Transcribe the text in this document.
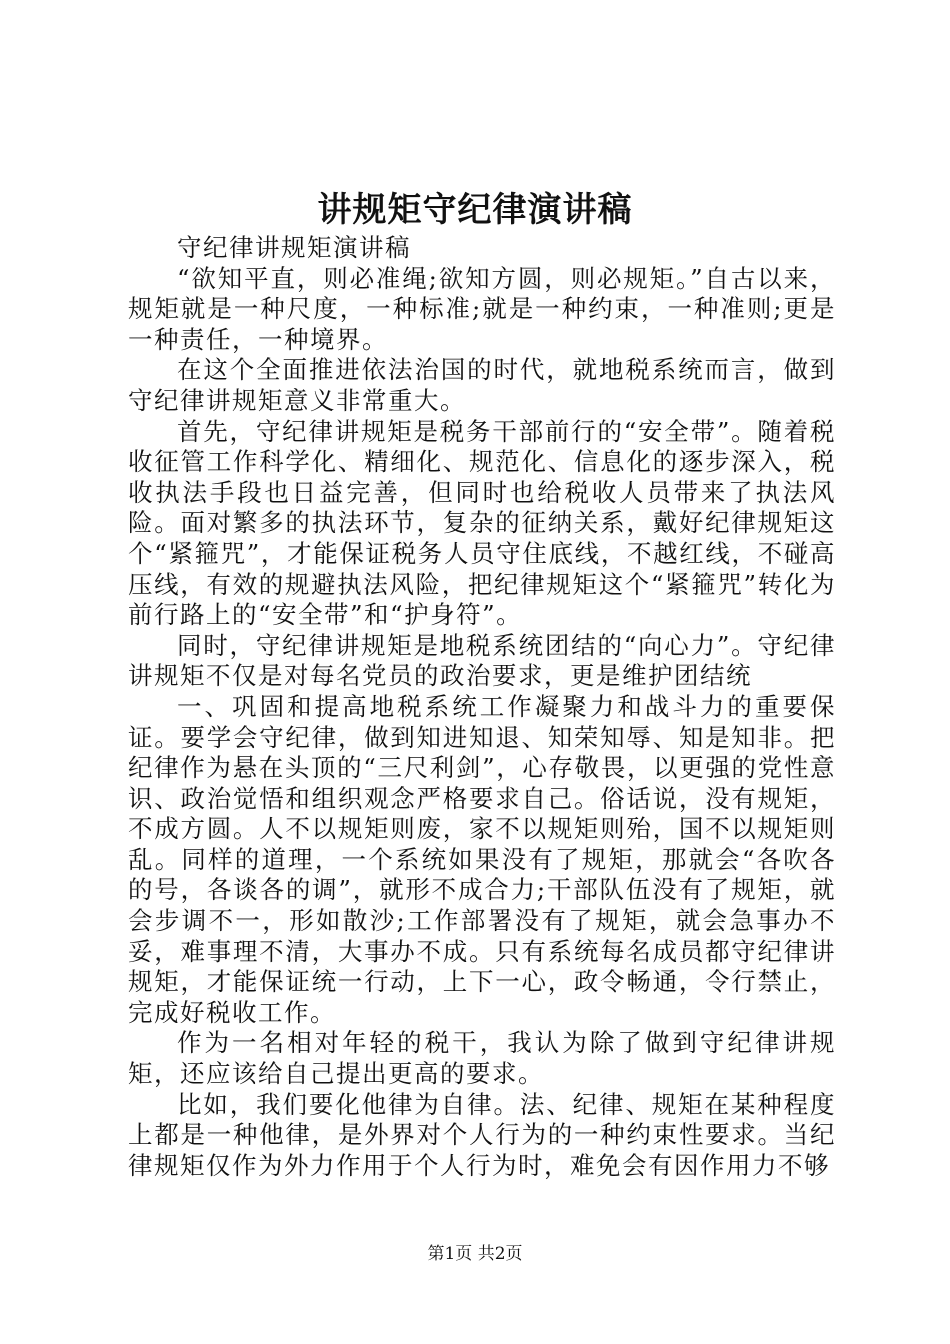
讲规矩守纪律演讲稿

守纪律讲规矩演讲稿

“欲知平直，则必准绳;欲知方圆，则必规矩。”自古以来，规矩就是一种尺度，一种标准;就是一种约束，一种准则;更是一种责任，一种境界。

在这个全面推进依法治国的时代，就地税系统而言，做到守纪律讲规矩意义非常重大。

首先，守纪律讲规矩是税务干部前行的“安全带”。随着税收征管工作科学化、精细化、规范化、信息化的逐步深入，税收执法手段也日益完善，但同时也给税收人员带来了执法风险。面对繁多的执法环节，复杂的征纳关系，戴好纪律规矩这个“紧箍咒”，才能保证税务人员守住底线，不越红线，不碰高压线，有效的规避执法风险，把纪律规矩这个“紧箍咒”转化为前行路上的“安全带”和“护身符”。

同时，守纪律讲规矩是地税系统团结的“向心力”。守纪律讲规矩不仅是对每名党员的政治要求，更是维护团结统

一、巩固和提高地税系统工作凝聚力和战斗力的重要保证。要学会守纪律，做到知进知退、知荣知辱、知是知非。把纪律作为悬在头顶的“三尺利剑”，心存敬畏，以更强的党性意识、政治觉悟和组织观念严格要求自己。俗话说，没有规矩，不成方圆。人不以规矩则废，家不以规矩则殆，国不以规矩则乱。同样的道理，一个系统如果没有了规矩，那就会“各吹各的号，各谈各的调”，就形不成合力;干部队伍没有了规矩，就会步调不一，形如散沙;工作部署没有了规矩，就会急事办不妥，难事理不清，大事办不成。只有系统每名成员都守纪律讲规矩，才能保证统一行动，上下一心，政令畅通，令行禁止，完成好税收工作。

作为一名相对年轻的税干，我认为除了做到守纪律讲规矩，还应该给自己提出更高的要求。

比如，我们要化他律为自律。法、纪律、规矩在某种程度上都是一种他律，是外界对个人行为的一种约束性要求。当纪律规矩仅作为外力作用于个人行为时，难免会有因作用力不够

第1页 共2页
